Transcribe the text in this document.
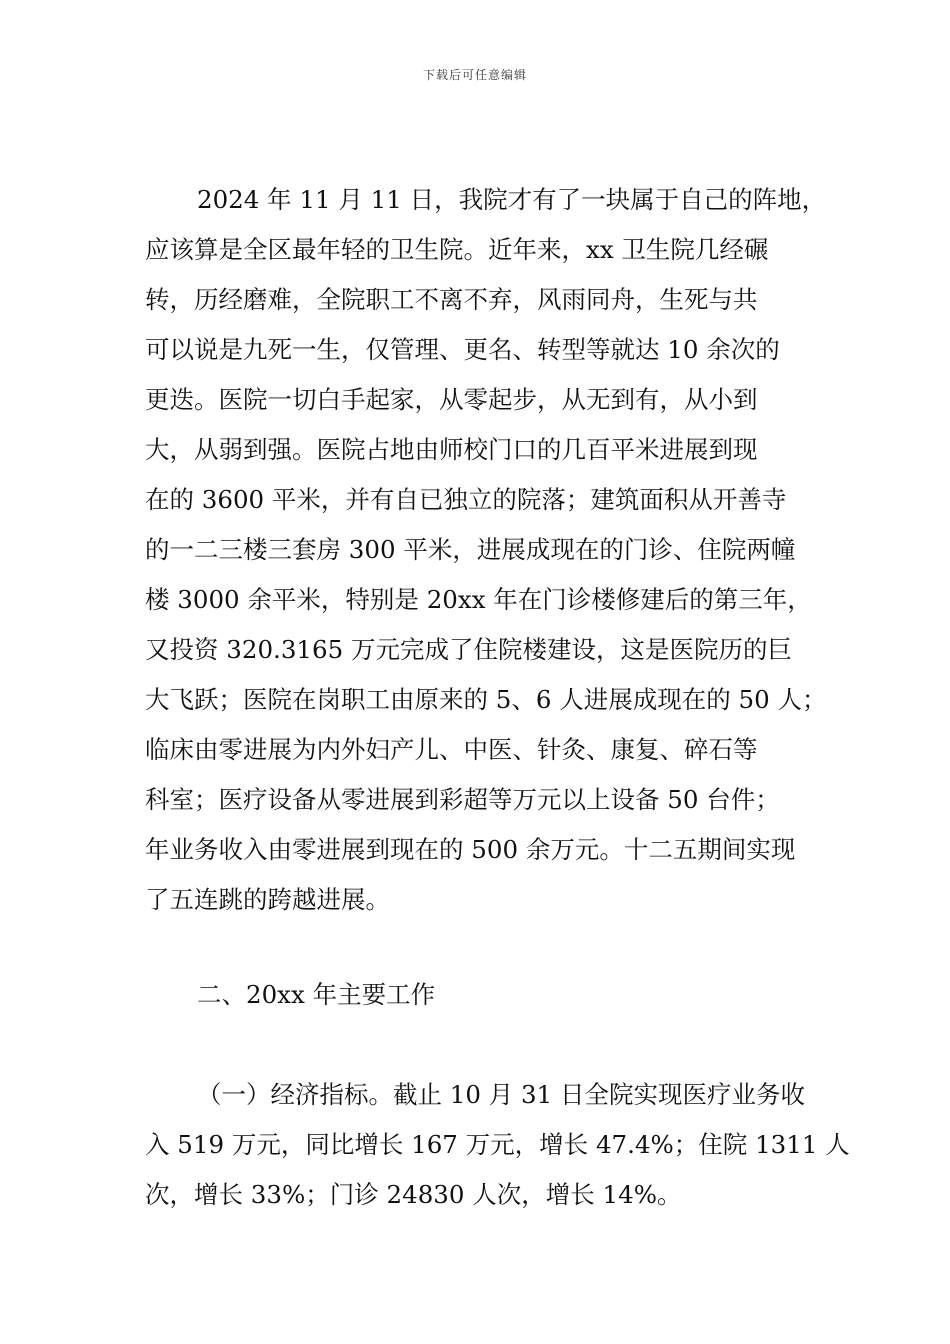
下载后可任意编辑
2024 年 11 月 11 日，我院才有了一块属于自己的阵地，
应该算是全区最年轻的卫生院。近年来，xx 卫生院几经碾
转，历经磨难，全院职工不离不弃，风雨同舟，生死与共
可以说是九死一生，仅管理、更名、转型等就达 10 余次的
更迭。医院一切白手起家，从零起步，从无到有，从小到
大，从弱到强。医院占地由师校门口的几百平米进展到现
在的 3600 平米，并有自已独立的院落；建筑面积从开善寺
的一二三楼三套房 300 平米，进展成现在的门诊、住院两幢
楼 3000 余平米，特别是 20xx 年在门诊楼修建后的第三年，
又投资 320.3165 万元完成了住院楼建设，这是医院历的巨
大飞跃；医院在岗职工由原来的 5、6 人进展成现在的 50 人；
临床由零进展为内外妇产儿、中医、针灸、康复、碎石等
科室；医疗设备从零进展到彩超等万元以上设备 50 台件；
年业务收入由零进展到现在的 500 余万元。十二五期间实现
了五连跳的跨越进展。
二、20xx 年主要工作
（一）经济指标。截止 10 月 31 日全院实现医疗业务收
入 519 万元，同比增长 167 万元，增长 47.4%；住院 1311 人
次，增长 33%；门诊 24830 人次，增长 14%。
